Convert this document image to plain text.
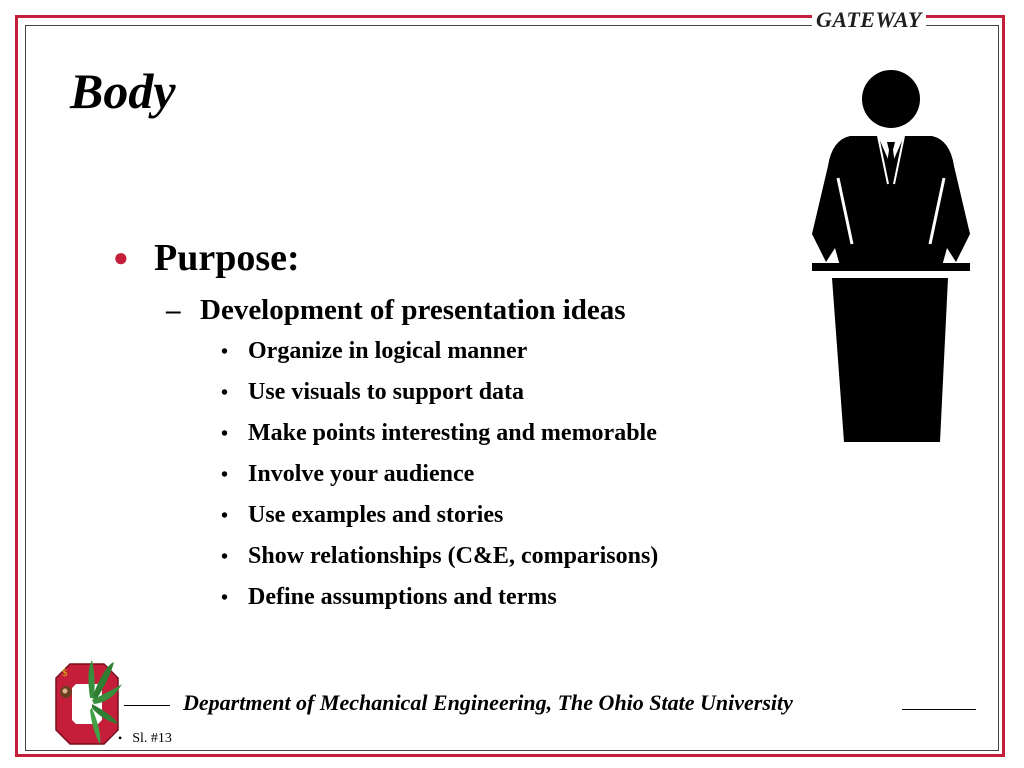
GATEWAY
Body
● Purpose:
– Development of presentation ideas
• Organize in logical manner
• Use visuals to support data
• Make points interesting and memorable
• Involve your audience
• Use examples and stories
• Show relationships (C&E, comparisons)
• Define assumptions and terms
$
Department of Mechanical Engineering, The Ohio State University
• Sl. #13
